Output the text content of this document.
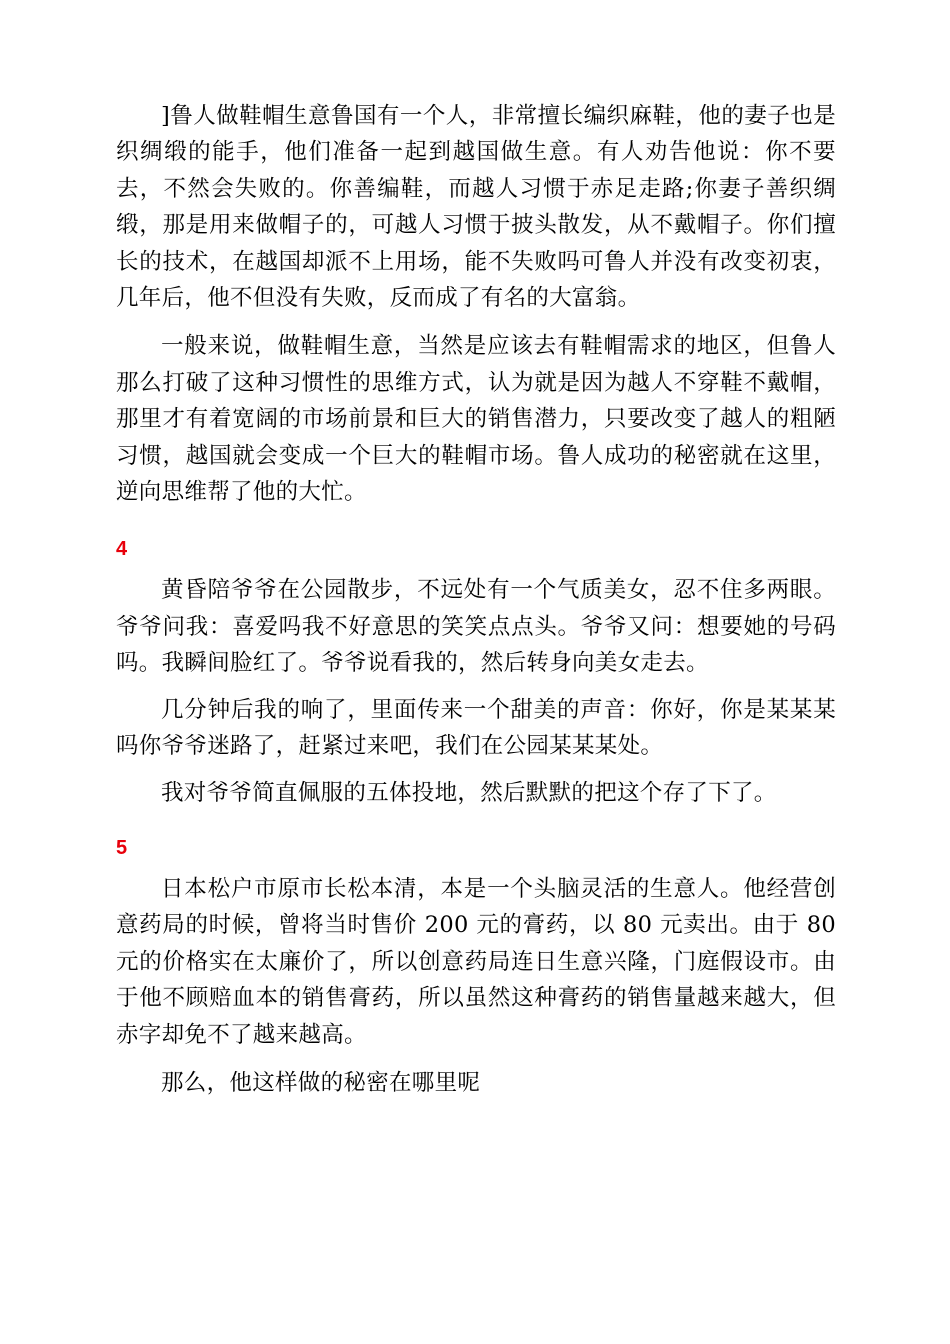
]鲁人做鞋帽生意鲁国有一个人，非常擅长编织麻鞋，他的妻子也是织绸缎的能手，他们准备一起到越国做生意。有人劝告他说：你不要去，不然会失败的。你善编鞋，而越人习惯于赤足走路;你妻子善织绸缎，那是用来做帽子的，可越人习惯于披头散发，从不戴帽子。你们擅长的技术，在越国却派不上用场，能不失败吗可鲁人并没有改变初衷，几年后，他不但没有失败，反而成了有名的大富翁。

一般来说，做鞋帽生意，当然是应该去有鞋帽需求的地区，但鲁人那么打破了这种习惯性的思维方式，认为就是因为越人不穿鞋不戴帽，那里才有着宽阔的市场前景和巨大的销售潜力，只要改变了越人的粗陋习惯，越国就会变成一个巨大的鞋帽市场。鲁人成功的秘密就在这里，逆向思维帮了他的大忙。

4

黄昏陪爷爷在公园散步，不远处有一个气质美女，忍不住多两眼。爷爷问我：喜爱吗我不好意思的笑笑点点头。爷爷又问：想要她的号码吗。我瞬间脸红了。爷爷说看我的，然后转身向美女走去。

几分钟后我的响了，里面传来一个甜美的声音：你好，你是某某某吗你爷爷迷路了，赶紧过来吧，我们在公园某某某处。

我对爷爷简直佩服的五体投地，然后默默的把这个存了下了。

5

日本松户市原市长松本清，本是一个头脑灵活的生意人。他经营创意药局的时候，曾将当时售价 200 元的膏药，以 80 元卖出。由于 80 元的价格实在太廉价了，所以创意药局连日生意兴隆，门庭假设市。由于他不顾赔血本的销售膏药，所以虽然这种膏药的销售量越来越大，但赤字却免不了越来越高。

那么，他这样做的秘密在哪里呢
